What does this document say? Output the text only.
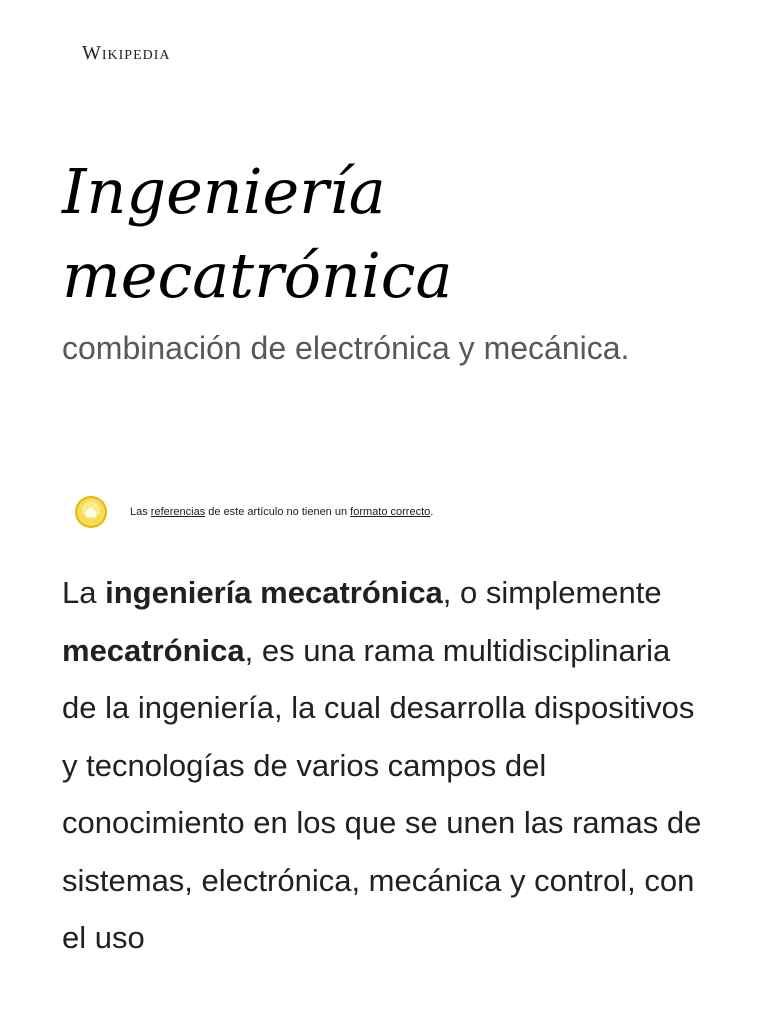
Wikipedia
Ingeniería mecatrónica

combinación de electrónica y mecánica.

Las referencias de este artículo no tienen un formato correcto.

La ingeniería mecatrónica, o simplemente mecatrónica, es una rama multidisciplinaria de la ingeniería, la cual desarrolla dispositivos y tecnologías de varios campos del conocimiento en los que se unen las ramas de sistemas, electrónica, mecánica y control, con el uso
